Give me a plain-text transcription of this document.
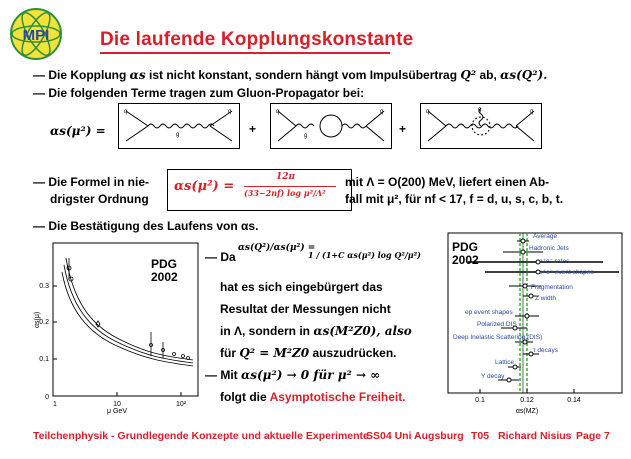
MPI	Die laufende Kopplungskonstante
— Die Kopplung αs ist nicht konstant, sondern hängt vom Impulsübertrag Q² ab, αs(Q²).
— Die folgenden Terme tragen zum Gluon-Propagator bei:
αs(μ²) =
q	q
g	+
q	q
g	+
q	q
g
— Die Formel in nie-
drigster Ordnung
αs(μ²) =
12π
(33−2nf) log μ²/Λ²
mit Λ = O(200) MeV, liefert einen Ab-
fall mit μ², für nf < 17, f = d, u, s, c, b, t.
— Die Bestätigung des Laufens von αs.
0
0.1
0.2
0.3
1	10	10²
μ GeV
αs(μ)
PDG
2002
— Da
αs(Q²)/αs(μ²) =
1 / (1+C αs(μ²) log Q²/μ²)
hat es sich eingebürgert das
Resultat der Messungen nicht
in Λ, sondern in αs(M²Z0), also
für Q² = M²Z0 auszudrücken.
— Mit αs(μ²) → 0 für μ² → ∞
folgt die Asymptotische Freiheit.	0.1	0.12	0.14
αs(MZ)
PDG
2002
Average
Hadronic Jets
e⁺e⁻ rates
e⁺e⁻ event shapes
Fragmentation
Z width
ep event shapes
Polarized DIS
Deep Inelastic Scattering (DIS)
τ decays
Lattice
Υ decay
Teilchenphysik - Grundlegende Konzepte und aktuelle Experimente
SS04 Uni Augsburg T05 Richard Nisius Page 7
